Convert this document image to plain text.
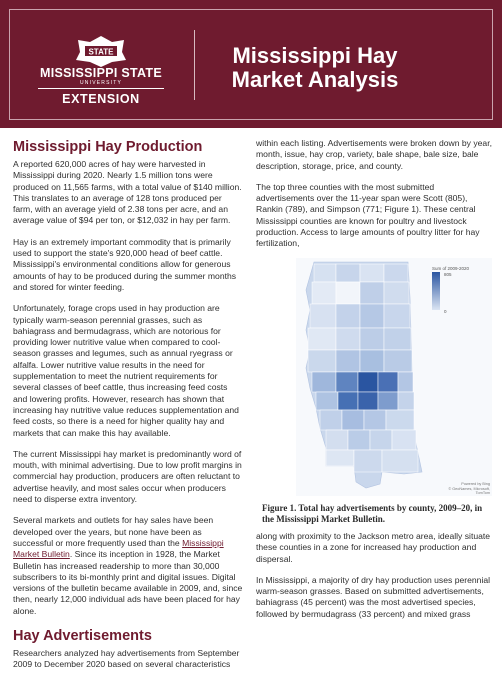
STATE
MISSISSIPPI STATE
UNIVERSITY
EXTENSION
Mississippi Hay
Market Analysis
Mississippi Hay Production

A reported 620,000 acres of hay were harvested in Mississippi during 2020. Nearly 1.5 million tons were produced on 11,565 farms, with a total value of $140 million. This translates to an average of 128 tons produced per farm, with an average yield of 2.38 tons per acre, and an average value of $94 per ton, or $12,032 in hay per farm.

Hay is an extremely important commodity that is primarily used to support the state's 920,000 head of beef cattle. Mississippi's environmental conditions allow for generous amounts of hay to be produced during the summer months and stored for winter feeding.

Unfortunately, forage crops used in hay production are typically warm-season perennial grasses, such as bahiagrass and bermudagrass, which are notorious for providing lower nutritive value when compared to cool-season grasses and legumes, such as annual ryegrass or alfalfa. Lower nutritive value results in the need for supplementation to meet the nutrient requirements for several classes of beef cattle, thus increasing feed costs and lowering profits. However, research has shown that increasing hay nutritive value reduces supplementation and feed costs, so there is a need for higher quality hay and markets that can make this hay available.

The current Mississippi hay market is predominantly word of mouth, with minimal advertising. Due to low profit margins in commercial hay production, producers are often reluctant to advertise heavily, and most sales occur when producers need to disperse extra inventory.

Several markets and outlets for hay sales have been developed over the years, but none have been as successful or more frequently used than the Mississippi Market Bulletin. Since its inception in 1928, the Market Bulletin has increased readership to more than 30,000 subscribers to its bi-monthly print and digital issues. Digital versions of the bulletin became available in 2009, and, since then, nearly 12,000 individual ads have been placed for hay alone.

Hay Advertisements

Researchers analyzed hay advertisements from September 2009 to December 2020 based on several characteristics

within each listing. Advertisements were broken down by year, month, issue, hay crop, variety, bale shape, bale size, bale description, storage, price, and county.

The top three counties with the most submitted advertisements over the 11-year span were Scott (805), Rankin (789), and Simpson (771; Figure 1). These central Mississippi counties are known for poultry and livestock production. Access to large amounts of poultry litter for hay fertilization,

Sum of 2009-2020
805
0
Powered by Bing
© GeoNames, Microsoft, TomTom
Figure 1. Total hay advertisements by county, 2009–20, in the Mississippi Market Bulletin.

along with proximity to the Jackson metro area, ideally situate these counties in a zone for increased hay production and dispersal.

In Mississippi, a majority of dry hay production uses perennial warm-season grasses. Based on submitted advertisements, bahiagrass (45 percent) was the most advertised species, followed by bermudagrass (33 percent) and mixed grass
